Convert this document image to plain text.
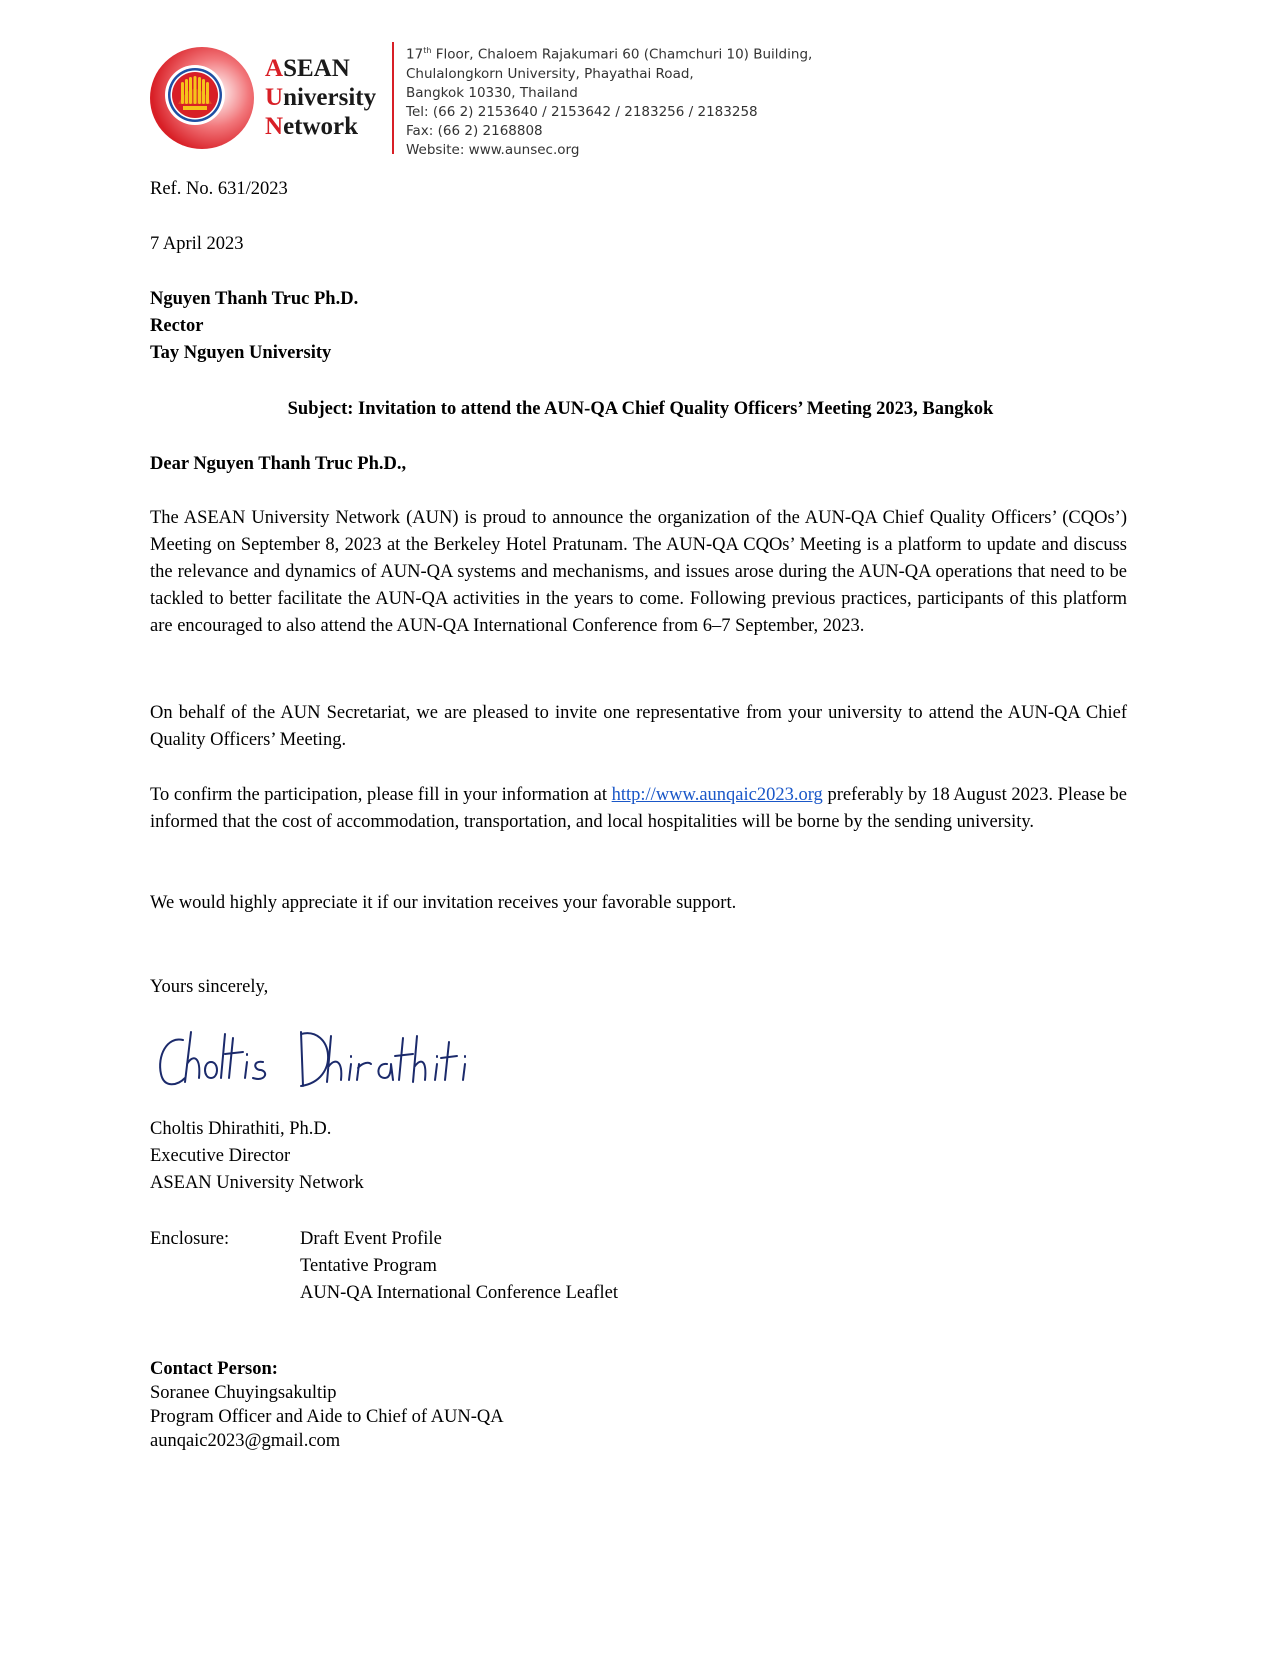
ASEAN
University
Network
17th Floor, Chaloem Rajakumari 60 (Chamchuri 10) Building,
Chulalongkorn University, Phayathai Road,
Bangkok 10330, Thailand
Tel: (66 2) 2153640 / 2153642 / 2183256 / 2183258
Fax: (66 2) 2168808
Website: www.aunsec.org
Ref. No. 631/2023
7 April 2023
Nguyen Thanh Truc Ph.D.
Rector
Tay Nguyen University
Subject: Invitation to attend the AUN-QA Chief Quality Officers’ Meeting 2023, Bangkok
Dear Nguyen Thanh Truc Ph.D.,
The ASEAN University Network (AUN) is proud to announce the organization of the AUN-QA Chief Quality Officers’ (CQOs’) Meeting on September 8, 2023 at the Berkeley Hotel Pratunam. The AUN-QA CQOs’ Meeting is a platform to update and discuss the relevance and dynamics of AUN-QA systems and mechanisms, and issues arose during the AUN-QA operations that need to be tackled to better facilitate the AUN-QA activities in the years to come. Following previous practices, participants of this platform are encouraged to also attend the AUN-QA International Conference from 6–7 September, 2023.
On behalf of the AUN Secretariat, we are pleased to invite one representative from your university to attend the AUN-QA Chief Quality Officers’ Meeting.
To confirm the participation, please fill in your information at http://www.aunqaic2023.org preferably by 18 August 2023. Please be informed that the cost of accommodation, transportation, and local hospitalities will be borne by the sending university.
We would highly appreciate it if our invitation receives your favorable support.
Yours sincerely,
Choltis Dhirathiti, Ph.D.
Executive Director
ASEAN University Network
Enclosure:	Draft Event Profile
Tentative Program
AUN-QA International Conference Leaflet
Contact Person:
Soranee Chuyingsakultip
Program Officer and Aide to Chief of AUN-QA
aunqaic2023@gmail.com
